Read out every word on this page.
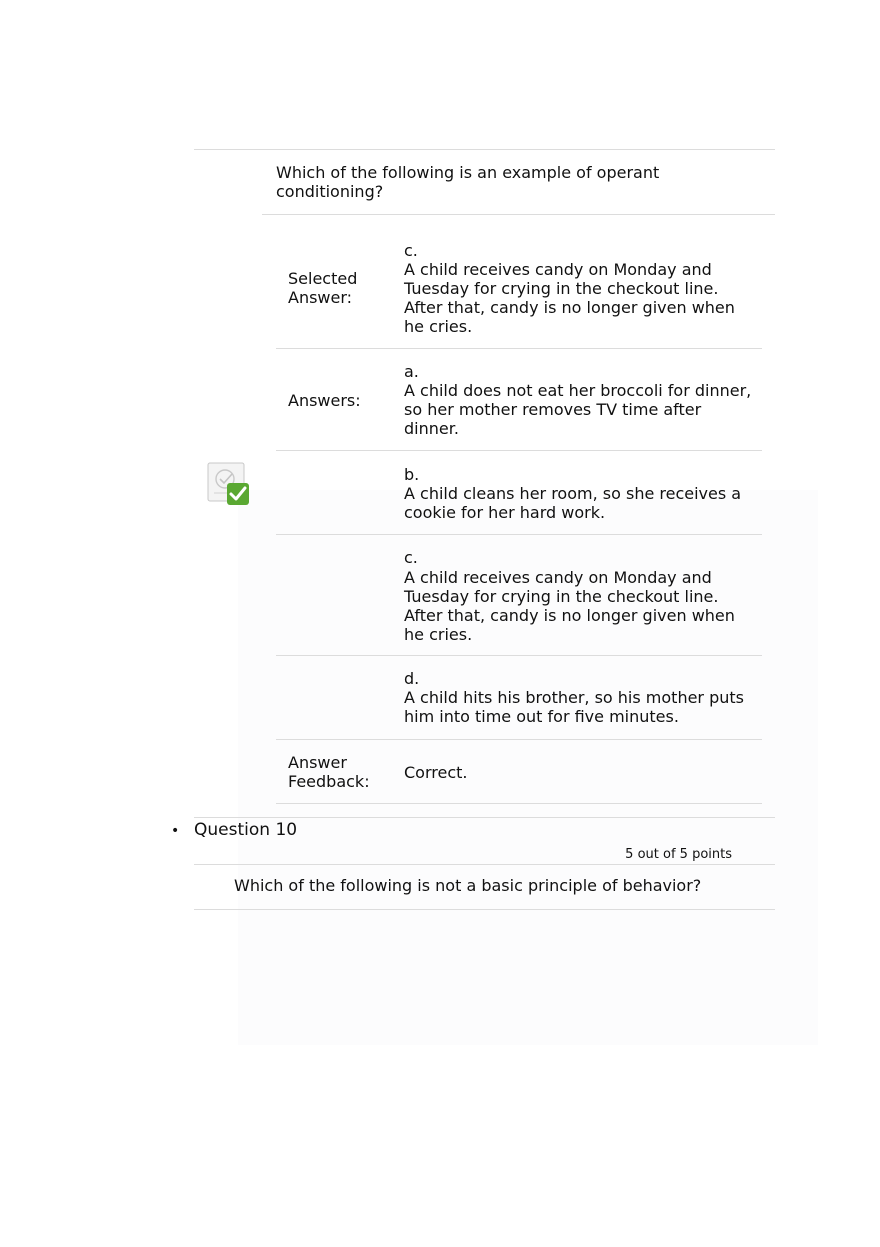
Which of the following is an example of operant conditioning?
Selected Answer:
c.
A child receives candy on Monday and Tuesday for crying in the checkout line. After that, candy is no longer given when he cries.
Answers:
a.
A child does not eat her broccoli for dinner, so her mother removes TV time after dinner.
b.
A child cleans her room, so she receives a cookie for her hard work.
c.
A child receives candy on Monday and Tuesday for crying in the checkout line. After that, candy is no longer given when he cries.
d.
A child hits his brother, so his mother puts him into time out for five minutes.
Answer Feedback:	Correct.
• Question 10
5 out of 5 points
Which of the following is not a basic principle of behavior?
